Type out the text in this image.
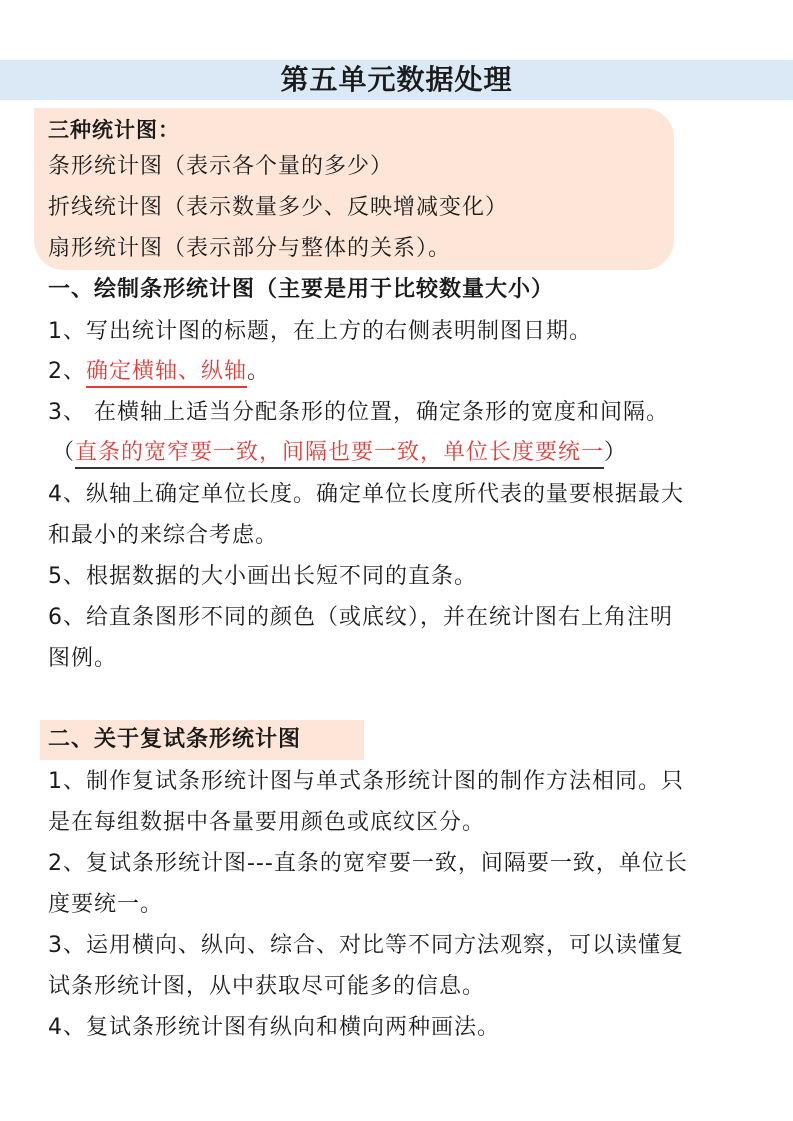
第五单元数据处理
三种统计图：
条形统计图（表示各个量的多少）
折线统计图（表示数量多少、反映增减变化）
扇形统计图（表示部分与整体的关系）。
一、绘制条形统计图（主要是用于比较数量大小）
1、写出统计图的标题，在上方的右侧表明制图日期。
2、确定横轴、纵轴。
3、 在横轴上适当分配条形的位置，确定条形的宽度和间隔。
（直条的宽窄要一致，间隔也要一致，单位长度要统一）
4、纵轴上确定单位长度。确定单位长度所代表的量要根据最大
和最小的来综合考虑。
5、根据数据的大小画出长短不同的直条。
6、给直条图形不同的颜色（或底纹），并在统计图右上角注明
图例。
二、关于复试条形统计图
1、制作复试条形统计图与单式条形统计图的制作方法相同。只
是在每组数据中各量要用颜色或底纹区分。
2、复试条形统计图---直条的宽窄要一致，间隔要一致，单位长
度要统一。
3、运用横向、纵向、综合、对比等不同方法观察，可以读懂复
试条形统计图，从中获取尽可能多的信息。
4、复试条形统计图有纵向和横向两种画法。
